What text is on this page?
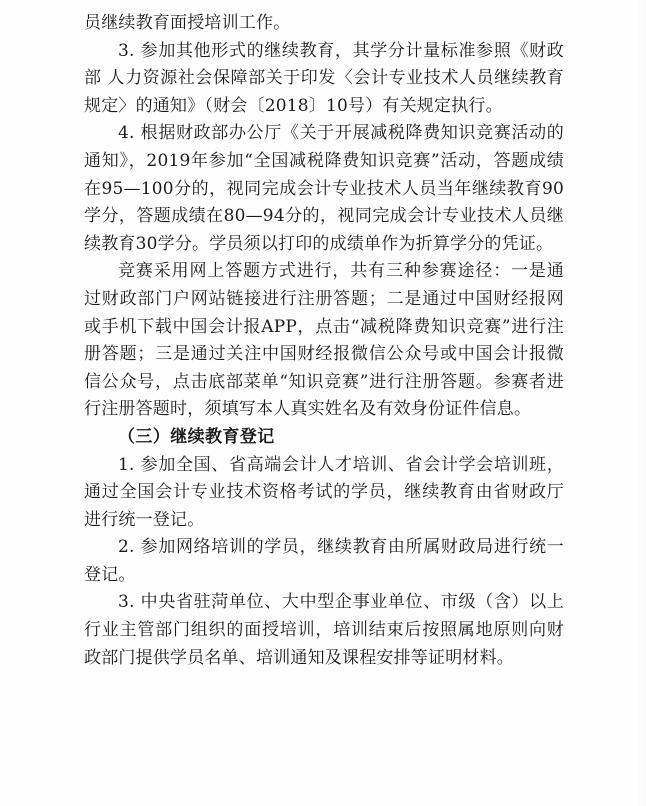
员继续教育面授培训工作。

3. 参加其他形式的继续教育，其学分计量标准参照《财政部 人力资源社会保障部关于印发〈会计专业技术人员继续教育规定〉的通知》（财会〔2018〕10号）有关规定执行。

4. 根据财政部办公厅《关于开展减税降费知识竞赛活动的通知》，2019年参加“全国减税降费知识竞赛”活动，答题成绩在95—100分的，视同完成会计专业技术人员当年继续教育90学分，答题成绩在80—94分的，视同完成会计专业技术人员继续教育30学分。学员须以打印的成绩单作为折算学分的凭证。

竞赛采用网上答题方式进行，共有三种参赛途径：一是通过财政部门户网站链接进行注册答题；二是通过中国财经报网或手机下载中国会计报APP，点击“减税降费知识竞赛”进行注册答题；三是通过关注中国财经报微信公众号或中国会计报微信公众号，点击底部菜单“知识竞赛”进行注册答题。参赛者进行注册答题时，须填写本人真实姓名及有效身份证件信息。

（三）继续教育登记

1. 参加全国、省高端会计人才培训、省会计学会培训班，通过全国会计专业技术资格考试的学员，继续教育由省财政厅进行统一登记。

2. 参加网络培训的学员，继续教育由所属财政局进行统一登记。

3. 中央省驻菏单位、大中型企事业单位、市级（含）以上行业主管部门组织的面授培训，培训结束后按照属地原则向财政部门提供学员名单、培训通知及课程安排等证明材料。
